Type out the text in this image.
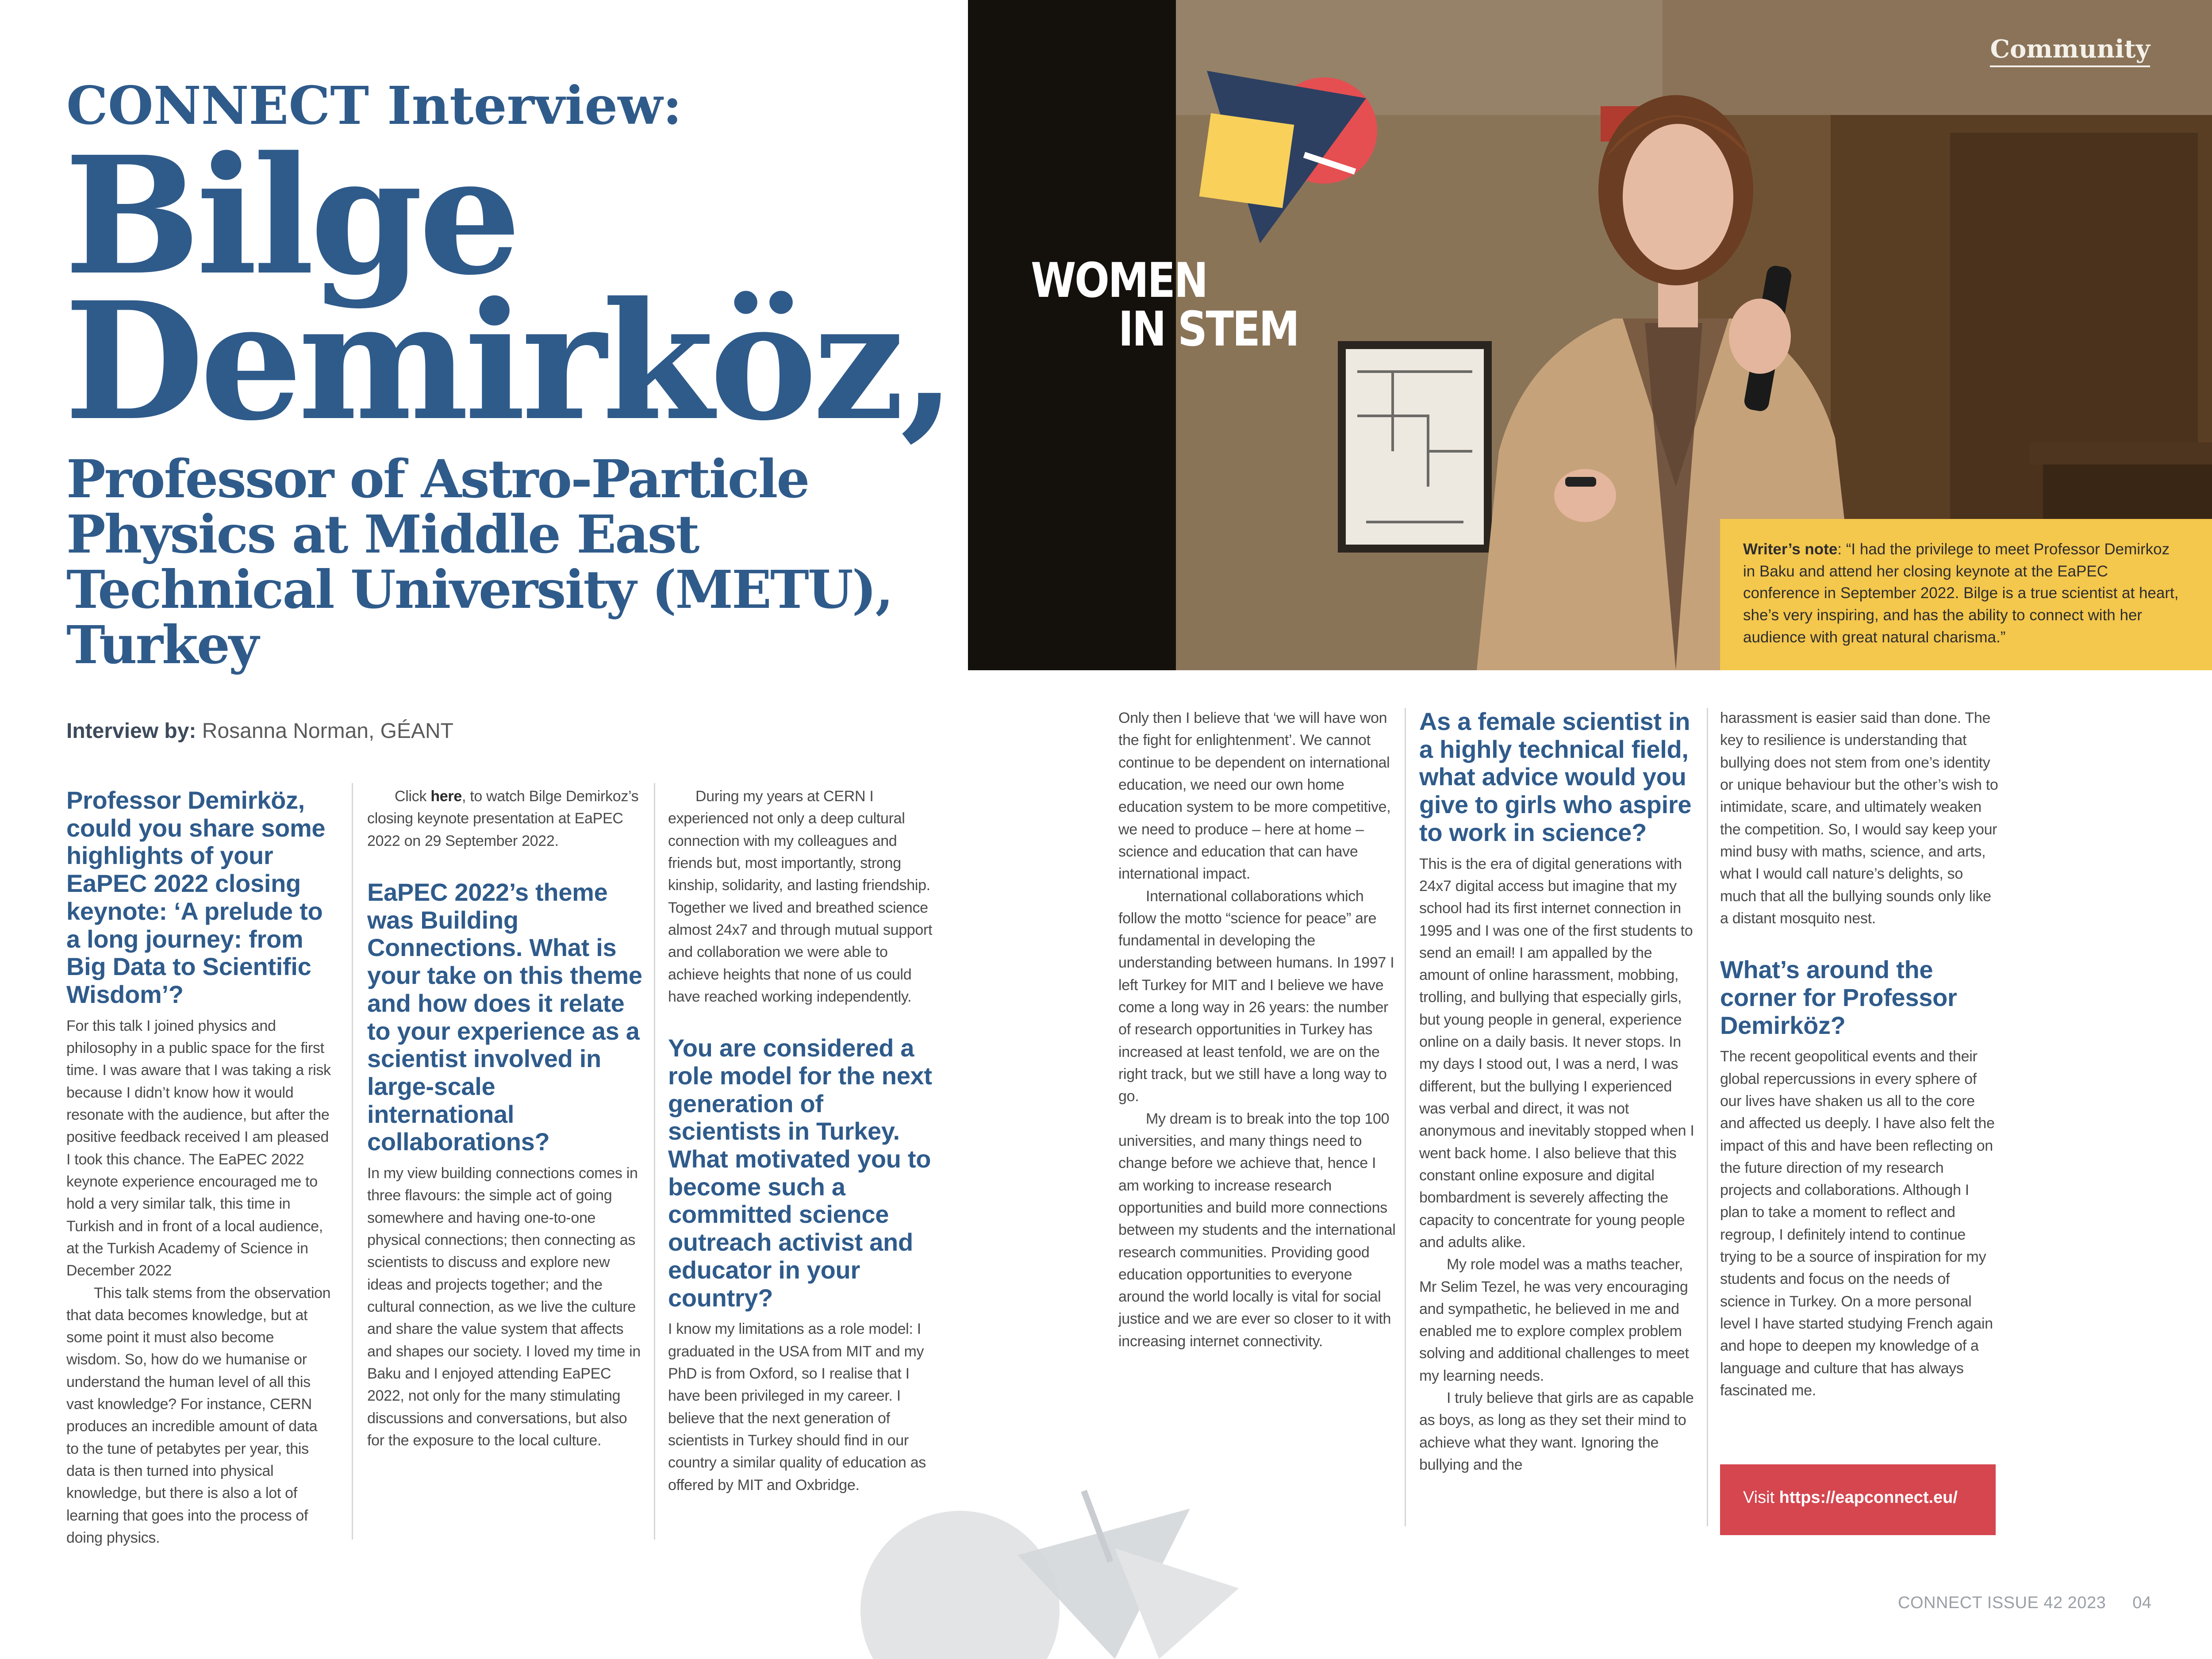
Community
WOMEN
IN STEM
Writer’s note: “I had the privilege to meet Professor Demirkoz in Baku and attend her closing keynote at the EaPEC conference in September 2022. Bilge is a true scientist at heart, she’s very inspiring, and has the ability to connect with her audience with great natural charisma.”
CONNECT Interview:
Bilge
Demirköz,
Professor of Astro-Particle Physics at Middle East Technical University (METU), Turkey
Interview by: Rosanna Norman, GÉANT
Professor Demirköz, could you share some highlights of your EaPEC 2022 closing keynote: ‘A prelude to a long journey: from Big Data to Scientific Wisdom’?

For this talk I joined physics and philosophy in a public space for the first time. I was aware that I was taking a risk because I didn’t know how it would resonate with the audience, but after the positive feedback received I am pleased I took this chance. The EaPEC 2022 keynote experience encouraged me to hold a very similar talk, this time in Turkish and in front of a local audience, at the Turkish Academy of Science in December 2022

This talk stems from the observation that data becomes knowledge, but at some point it must also become wisdom. So, how do we humanise or understand the human level of all this vast knowledge? For instance, CERN produces an incredible amount of data to the tune of petabytes per year, this data is then turned into physical knowledge, but there is also a lot of learning that goes into the process of doing physics.

Click here, to watch Bilge Demirkoz’s closing keynote presentation at EaPEC 2022 on 29 September 2022.

EaPEC 2022’s theme was Building Connections. What is your take on this theme and how does it relate to your experience as a scientist involved in large-scale international collaborations?

In my view building connections comes in three flavours: the simple act of going somewhere and having one-to-one physical connections; then connecting as scientists to discuss and explore new ideas and projects together; and the cultural connection, as we live the culture and share the value system that affects and shapes our society. I loved my time in Baku and I enjoyed attending EaPEC 2022, not only for the many stimulating discussions and conversations, but also for the exposure to the local culture.

During my years at CERN I experienced not only a deep cultural connection with my colleagues and friends but, most importantly, strong kinship, solidarity, and lasting friendship. Together we lived and breathed science almost 24x7 and through mutual support and collaboration we were able to achieve heights that none of us could have reached working independently.

You are considered a role model for the next generation of scientists in Turkey. What motivated you to become such a committed science outreach activist and educator in your country?

I know my limitations as a role model: I graduated in the USA from MIT and my PhD is from Oxford, so I realise that I have been privileged in my career. I believe that the next generation of scientists in Turkey should find in our country a similar quality of education as offered by MIT and Oxbridge.

Only then I believe that ‘we will have won the fight for enlightenment’. We cannot continue to be dependent on international education, we need our own home education system to be more competitive, we need to produce – here at home – science and education that can have international impact.

International collaborations which follow the motto “science for peace” are fundamental in developing the understanding between humans. In 1997 I left Turkey for MIT and I believe we have come a long way in 26 years: the number of research opportunities in Turkey has increased at least tenfold, we are on the right track, but we still have a long way to go.

My dream is to break into the top 100 universities, and many things need to change before we achieve that, hence I am working to increase research opportunities and build more connections between my students and the international research communities. Providing good education opportunities to everyone around the world locally is vital for social justice and we are ever so closer to it with increasing internet connectivity.

As a female scientist in a highly technical field, what advice would you give to girls who aspire to work in science?

This is the era of digital generations with 24x7 digital access but imagine that my school had its first internet connection in 1995 and I was one of the first students to send an email! I am appalled by the amount of online harassment, mobbing, trolling, and bullying that especially girls, but young people in general, experience online on a daily basis. It never stops. In my days I stood out, I was a nerd, I was different, but the bullying I experienced was verbal and direct, it was not anonymous and inevitably stopped when I went back home. I also believe that this constant online exposure and digital bombardment is severely affecting the capacity to concentrate for young people and adults alike.

My role model was a maths teacher, Mr Selim Tezel, he was very encouraging and sympathetic, he believed in me and enabled me to explore complex problem solving and additional challenges to meet my learning needs.

I truly believe that girls are as capable as boys, as long as they set their mind to achieve what they want. Ignoring the bullying and the

harassment is easier said than done. The key to resilience is understanding that bullying does not stem from one’s identity or unique behaviour but the other’s wish to intimidate, scare, and ultimately weaken the competition. So, I would say keep your mind busy with maths, science, and arts, what I would call nature’s delights, so much that all the bullying sounds only like a distant mosquito nest.

What’s around the corner for Professor Demirköz?

The recent geopolitical events and their global repercussions in every sphere of our lives have shaken us all to the core and affected us deeply. I have also felt the impact of this and have been reflecting on the future direction of my research projects and collaborations. Although I plan to take a moment to reflect and regroup, I definitely intend to continue trying to be a source of inspiration for my students and focus on the needs of science in Turkey. On a more personal level I have started studying French again and hope to deepen my knowledge of a language and culture that has always fascinated me.

Visit https://eapconnect.eu/
CONNECT ISSUE 42 2023 04
